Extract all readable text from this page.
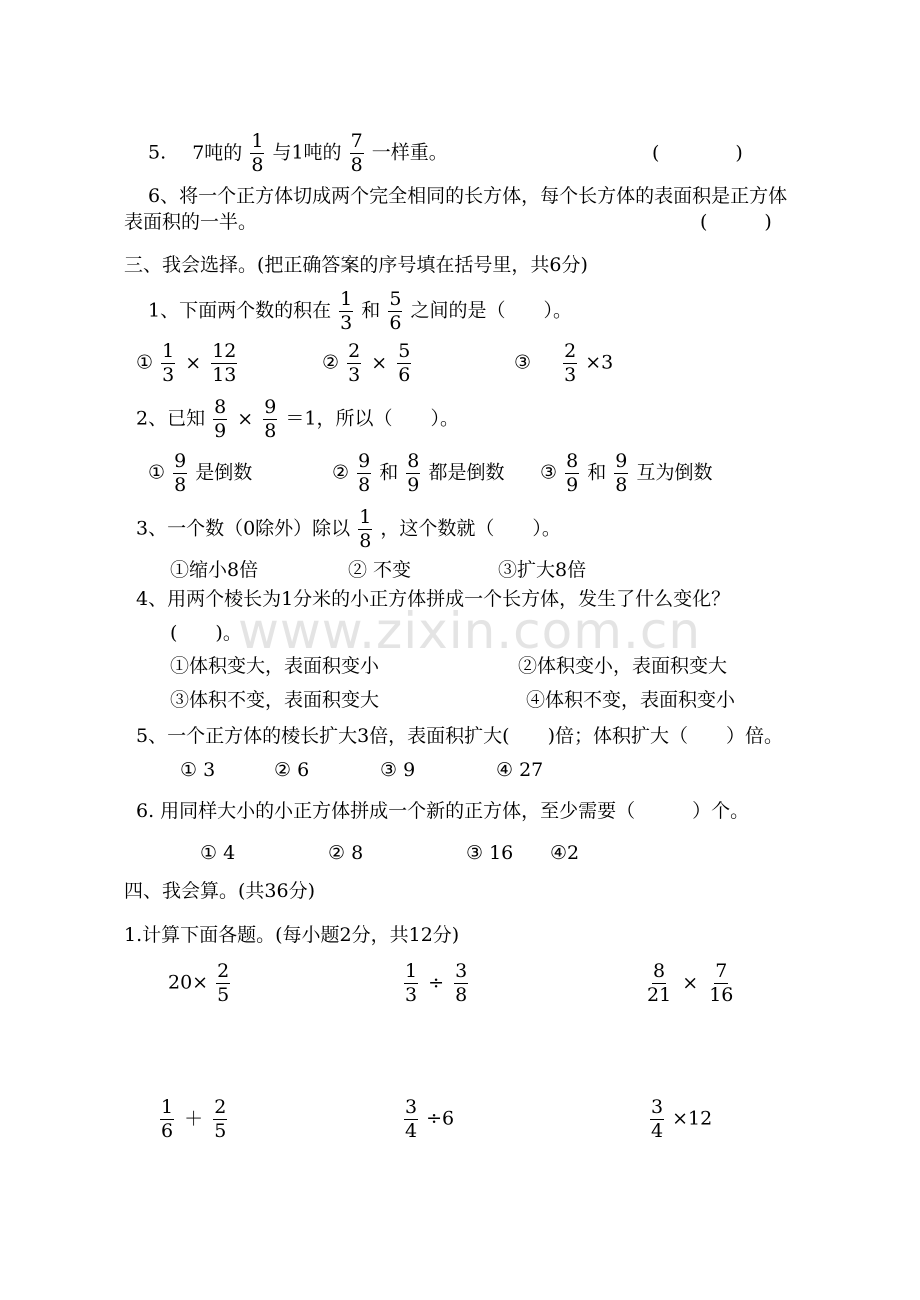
www.zixin.com.cn
5. 7吨的 $\frac{1}{8}$ 与1吨的 $\frac{7}{8}$ 一样重。	(　　　　)
6、将一个正方体切成两个完全相同的长方体，每个长方体的表面积是正方体
表面积的一半。	(　　　)
三、我会选择。(把正确答案的序号填在括号里，共6分)
1、下面两个数的积在 $\frac{1}{3}$ 和 $\frac{5}{6}$ 之间的是（　　）。
① $\frac{1}{3} \times \frac{12}{13}$	② $\frac{2}{3} \times \frac{5}{6}$	③ $\frac{2}{3} \times 3$
2、已知 $\frac{8}{9} \times \frac{9}{8} =1$，所以（　　）。
① $\frac{9}{8}$ 是倒数	② $\frac{9}{8}$ 和 $\frac{8}{9}$ 都是倒数 ③ $\frac{8}{9}$ 和 $\frac{9}{8}$ 互为倒数
3、一个数（0除外）除以 $\frac{1}{8}$ ，这个数就（　　）。
①缩小8倍	② 不变	③扩大8倍
4、用两个棱长为1分米的小正方体拼成一个长方体，发生了什么变化？
(　　)。
①体积变大，表面积变小	②体积变小，表面积变大
③体积不变，表面积变大	④体积不变，表面积变小
5、一个正方体的棱长扩大3倍，表面积扩大(　　)倍；体积扩大（　　）倍。
① 3	② 6	③ 9	④ 27
6. 用同样大小的小正方体拼成一个新的正方体，至少需要（　　　）个。
① 4	② 8	③ 16 ④2
四、我会算。(共36分)
1.计算下面各题。(每小题2分，共12分)
$20\times \frac{2}{5}$	$\frac{1}{3} \div \frac{3}{8}$	$\frac{8}{21} \times \frac{7}{16}$
$\frac{1}{6} + \frac{2}{5}$	$\frac{3}{4} \div 6$	$\frac{3}{4} \times 12$
